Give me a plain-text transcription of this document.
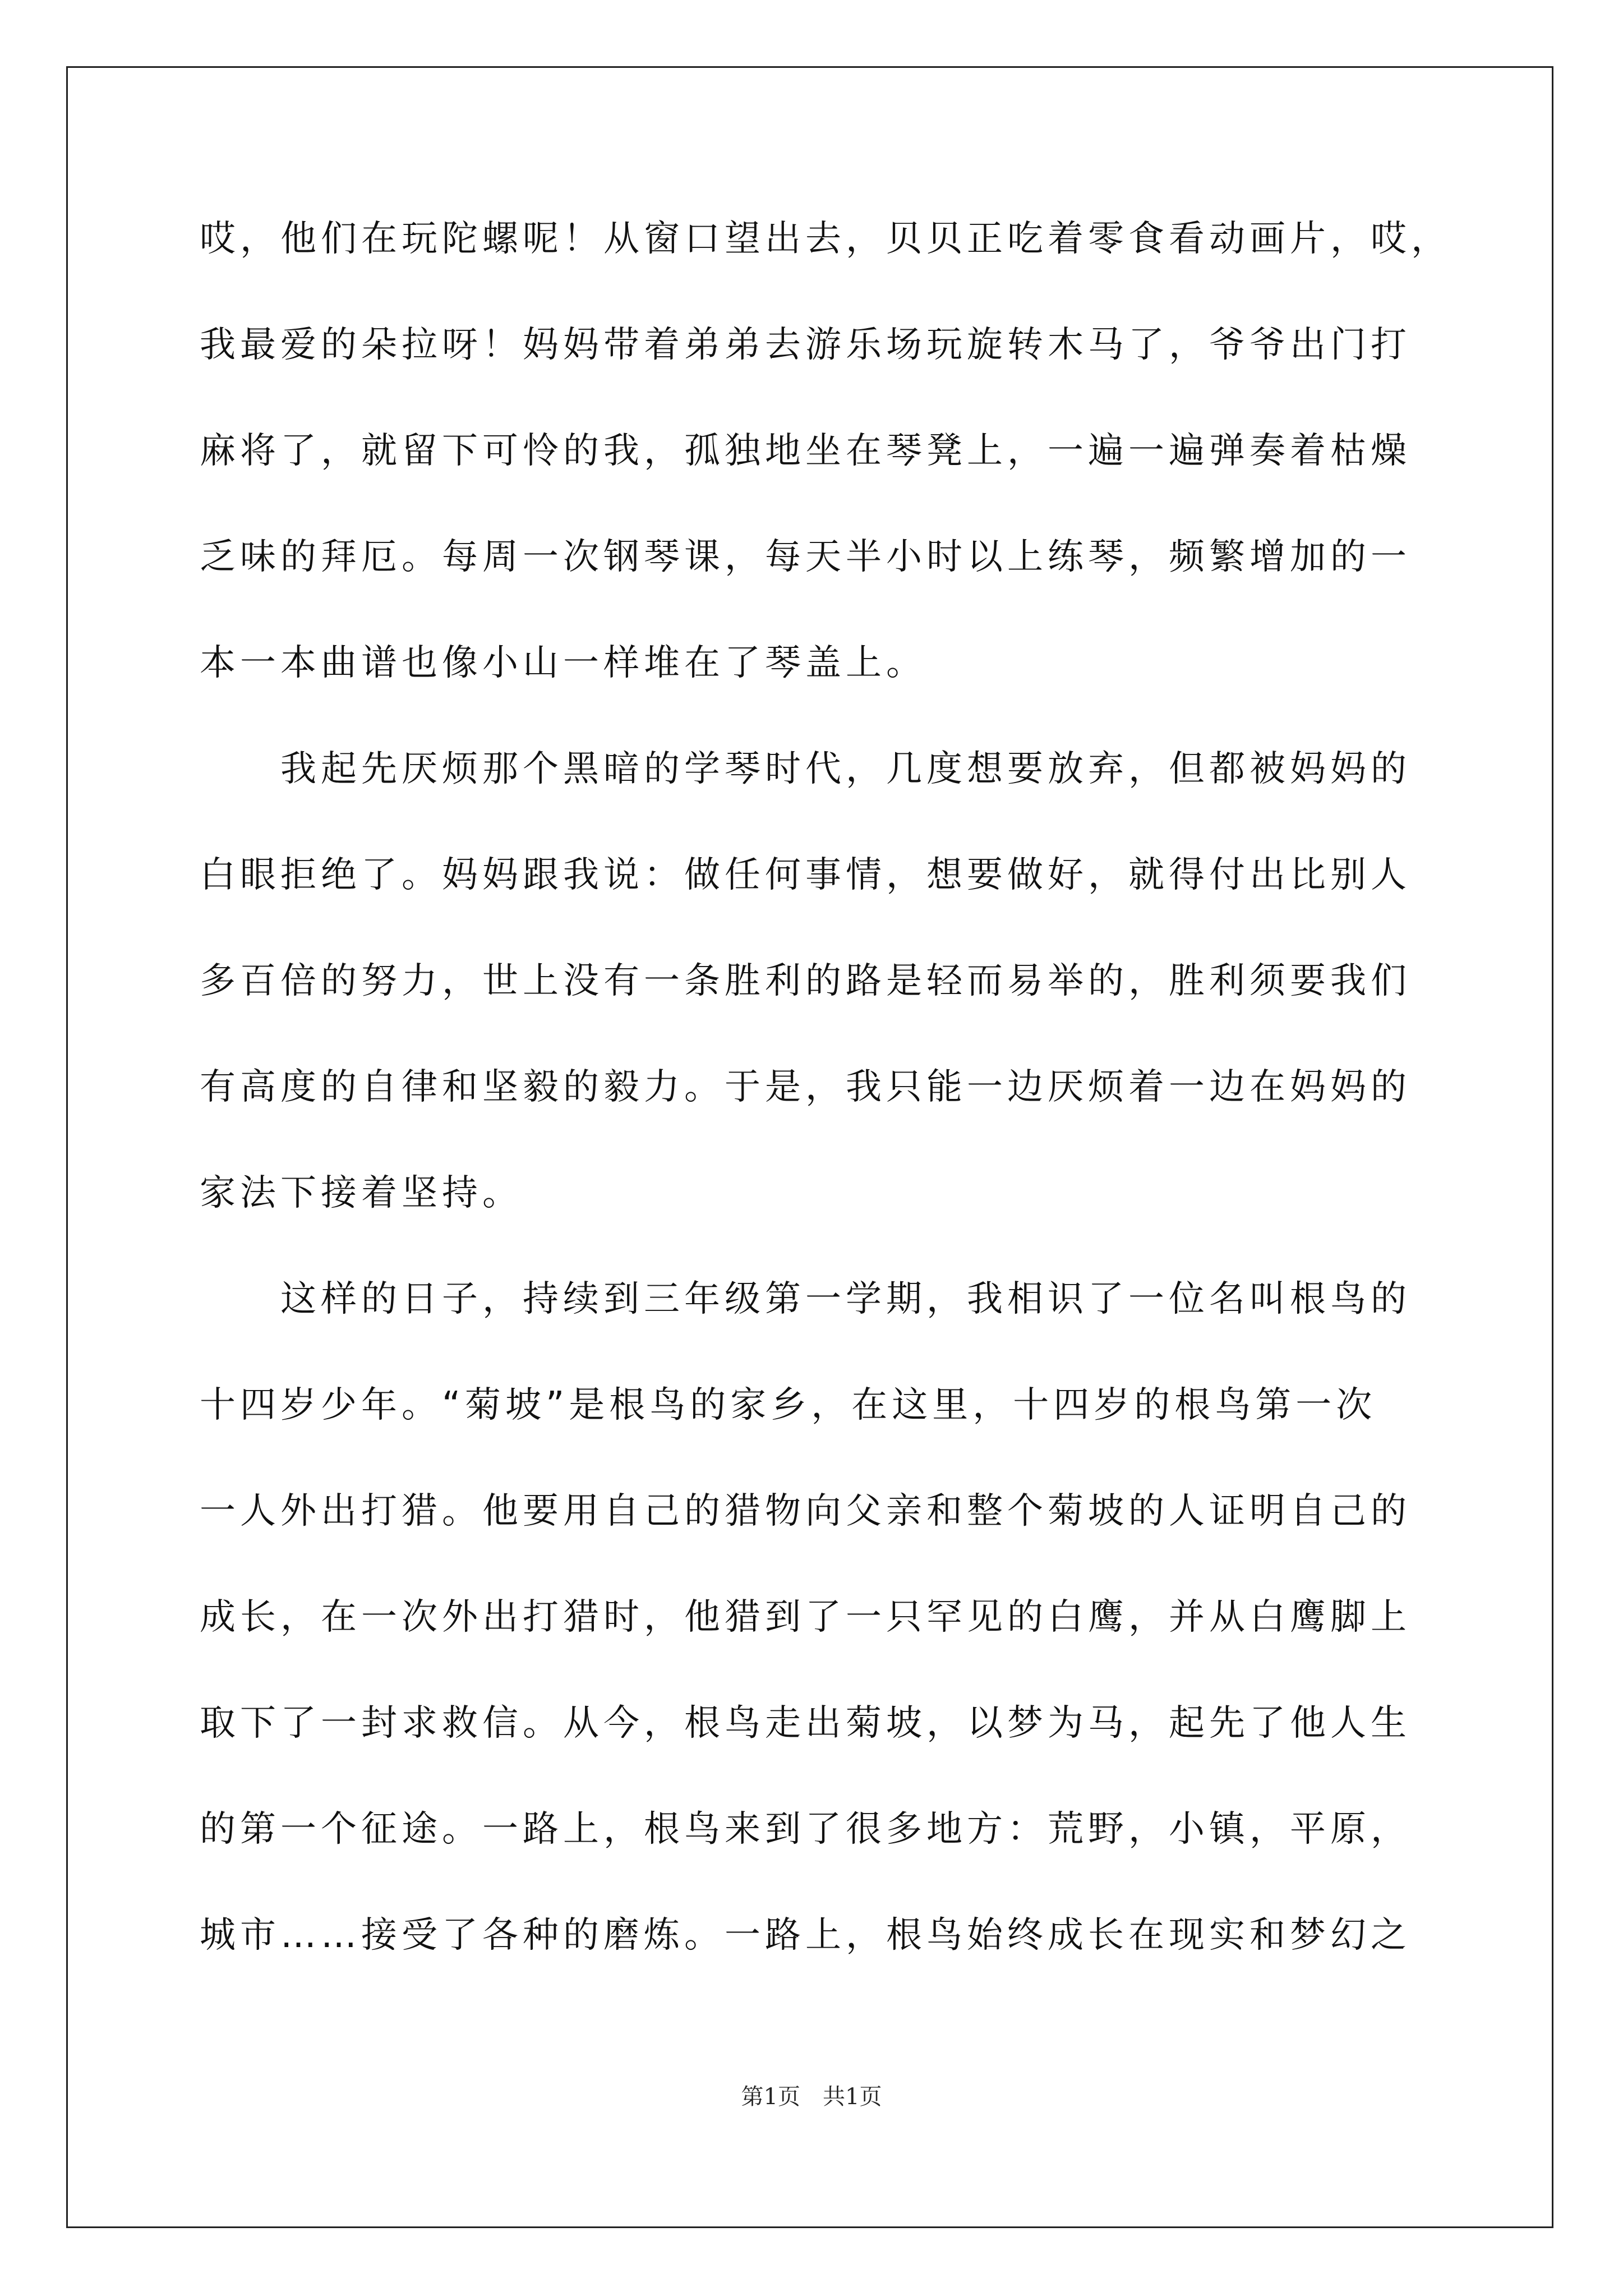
哎，他们在玩陀螺呢！从窗口望出去，贝贝正吃着零食看动画片，哎，
我最爱的朵拉呀！妈妈带着弟弟去游乐场玩旋转木马了，爷爷出门打
麻将了，就留下可怜的我，孤独地坐在琴凳上，一遍一遍弹奏着枯燥
乏味的拜厄。每周一次钢琴课，每天半小时以上练琴，频繁增加的一
本一本曲谱也像小山一样堆在了琴盖上。
　　我起先厌烦那个黑暗的学琴时代，几度想要放弃，但都被妈妈的
白眼拒绝了。妈妈跟我说：做任何事情，想要做好，就得付出比别人
多百倍的努力，世上没有一条胜利的路是轻而易举的，胜利须要我们
有高度的自律和坚毅的毅力。于是，我只能一边厌烦着一边在妈妈的
家法下接着坚持。
　　这样的日子，持续到三年级第一学期，我相识了一位名叫根鸟的
十四岁少年。“菊坡”是根鸟的家乡，在这里，十四岁的根鸟第一次
一人外出打猎。他要用自己的猎物向父亲和整个菊坡的人证明自己的
成长，在一次外出打猎时，他猎到了一只罕见的白鹰，并从白鹰脚上
取下了一封求救信。从今，根鸟走出菊坡，以梦为马，起先了他人生
的第一个征途。一路上，根鸟来到了很多地方：荒野，小镇，平原，
城市……接受了各种的磨炼。一路上，根鸟始终成长在现实和梦幻之
第1页　共1页
